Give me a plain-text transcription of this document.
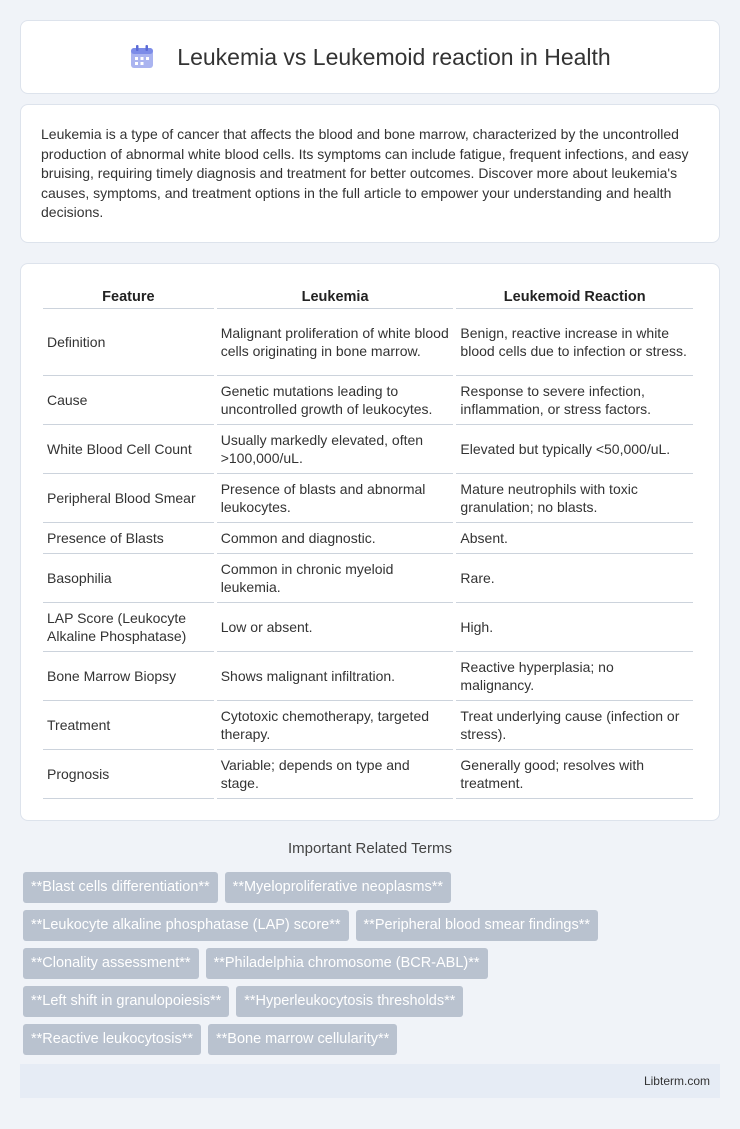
Leukemia vs Leukemoid reaction in Health

Leukemia is a type of cancer that affects the blood and bone marrow, characterized by the uncontrolled production of abnormal white blood cells. Its symptoms can include fatigue, frequent infections, and easy bruising, requiring timely diagnosis and treatment for better outcomes. Discover more about leukemia's causes, symptoms, and treatment options in the full article to empower your understanding and health decisions.

Feature	Leukemia	Leukemoid Reaction
Definition	Malignant proliferation of white blood cells originating in bone marrow.	Benign, reactive increase in white blood cells due to infection or stress.
Cause	Genetic mutations leading to uncontrolled growth of leukocytes.	Response to severe infection, inflammation, or stress factors.
White Blood Cell Count	Usually markedly elevated, often >100,000/uL.	Elevated but typically <50,000/uL.
Peripheral Blood Smear	Presence of blasts and abnormal leukocytes.	Mature neutrophils with toxic granulation; no blasts.
Presence of Blasts	Common and diagnostic.	Absent.
Basophilia	Common in chronic myeloid leukemia.	Rare.
LAP Score (Leukocyte Alkaline Phosphatase)	Low or absent.	High.
Bone Marrow Biopsy	Shows malignant infiltration.	Reactive hyperplasia; no malignancy.
Treatment	Cytotoxic chemotherapy, targeted therapy.	Treat underlying cause (infection or stress).
Prognosis	Variable; depends on type and stage.	Generally good; resolves with treatment.
Important Related Terms
**Blast cells differentiation**	**Myeloproliferative neoplasms**
**Leukocyte alkaline phosphatase (LAP) score**	**Peripheral blood smear findings**
**Clonality assessment**	**Philadelphia chromosome (BCR-ABL)**
**Left shift in granulopoiesis**	**Hyperleukocytosis thresholds**
**Reactive leukocytosis**	**Bone marrow cellularity**
Libterm.com
